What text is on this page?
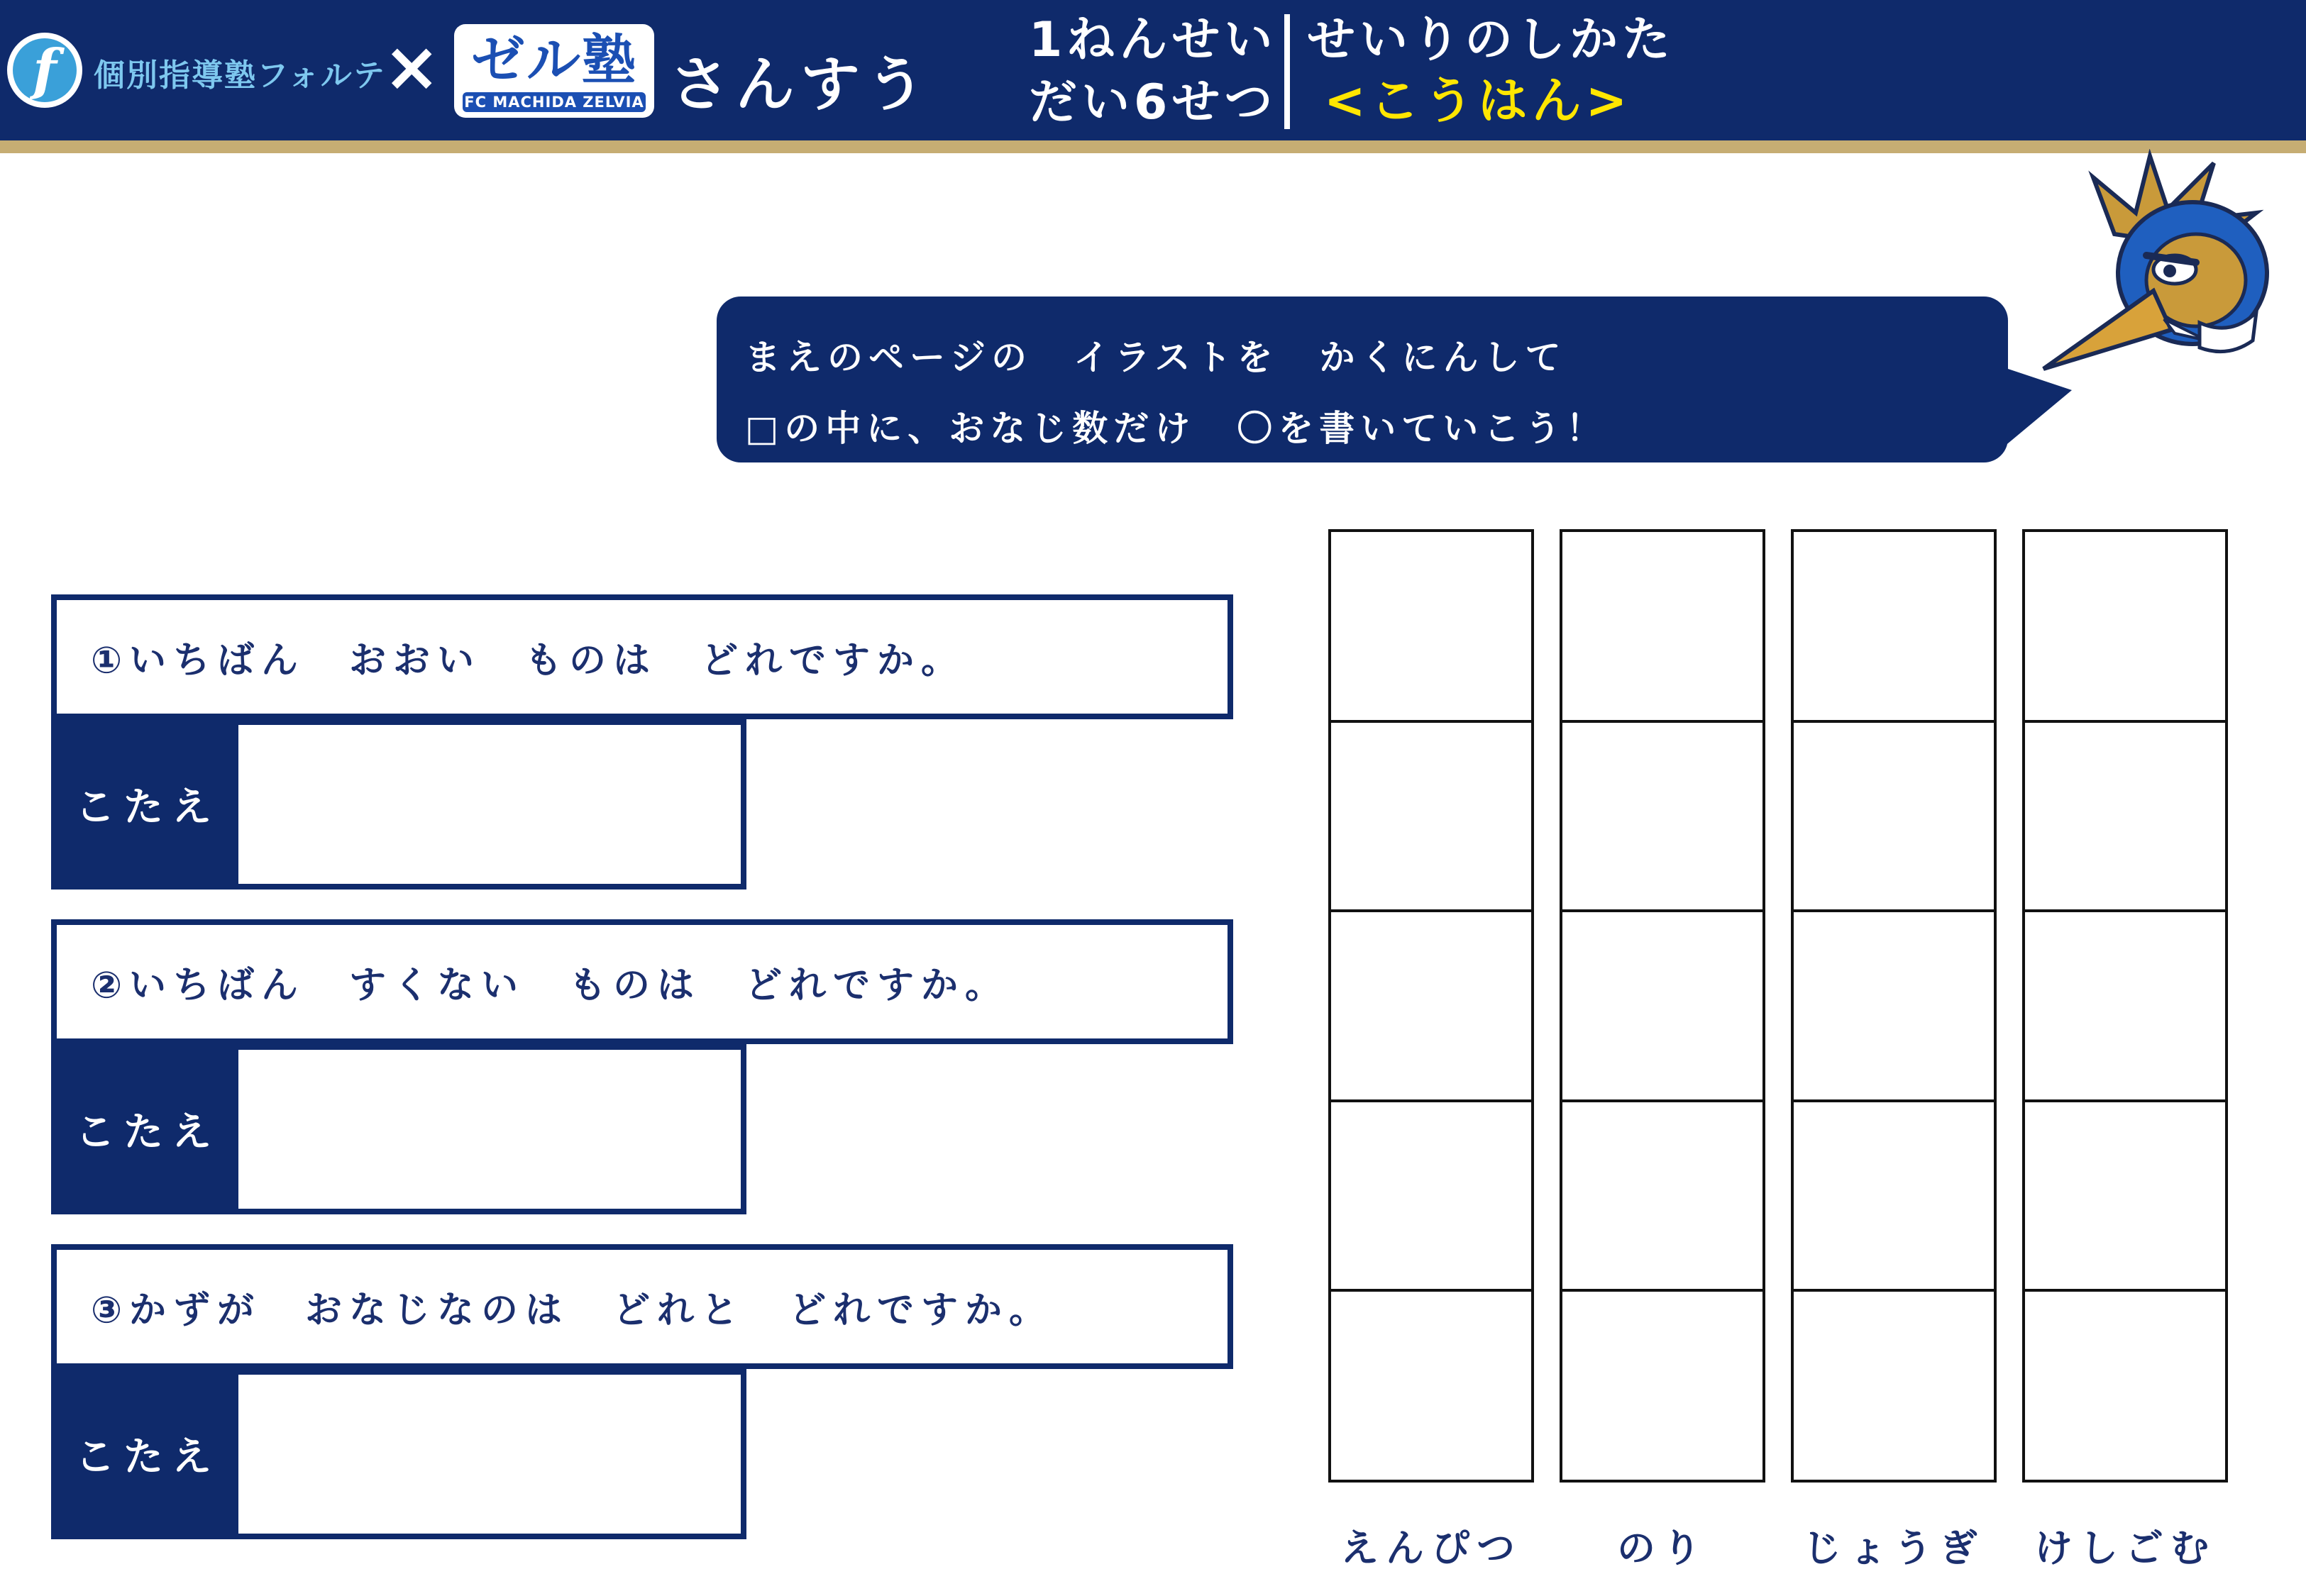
f	個別指導塾フォルテ
× ゼル塾
FC MACHIDA ZELVIA さんすう
1ねんせい
だい6せつ
せいりのしかた
<こうはん>
まえのページの　イラストを　かくにんして
□の中に、おなじ数だけ　〇を書いていこう！
①いちばん　おおい　ものは　どれですか。
こたえ
②いちばん　すくない　ものは　どれですか。
こたえ
③かずが　おなじなのは　どれと　どれですか。
こたえ
えんぴつ	のり	じょうぎ	けしごむ
